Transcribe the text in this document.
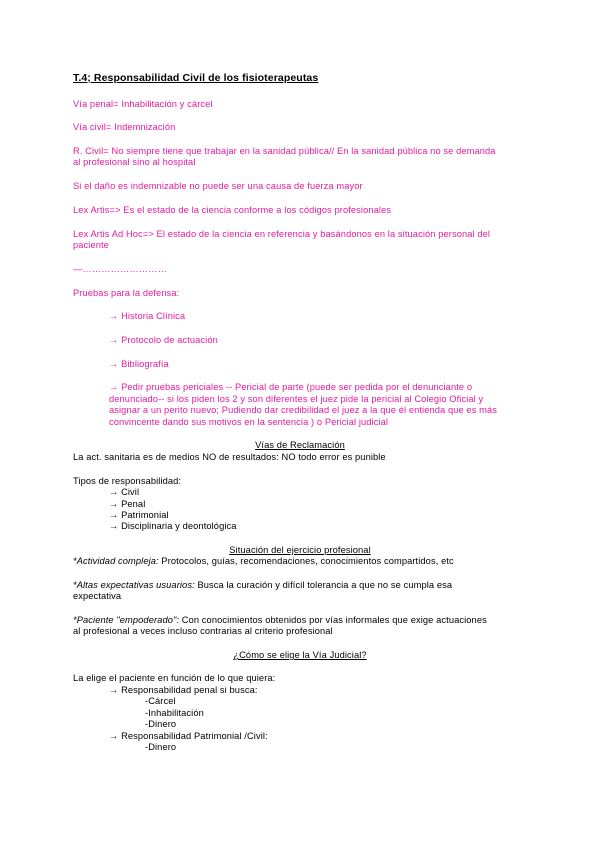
T.4; Responsabilidad Civil de los fisioterapeutas
Vía penal= Inhabilitación y cárcel
Vía civil= Indemnización
R. Civil= No siempre tiene que trabajar en la sanidad pública// En la sanidad pública no se demanda
al profesional sino al hospital
Si el daño es indemnizable no puede ser una causa de fuerza mayor
Lex Artis=> Es el estado de la ciencia conforme a los códigos profesionales
Lex Artis Ad Hoc=> El estado de la ciencia en referencia y basándonos en la situación personal del
paciente
—………………………
Pruebas para la defensa:
→ Historia Clínica
→ Protocolo de actuación
→ Bibliografía
→ Pedir pruebas periciales -- Pericial de parte (puede ser pedida por el denunciante o
denunciado-- si los piden los 2 y son diferentes el juez pide la pericial al Colegio Oficial y
asignar a un perito nuevo; Pudiendo dar credibilidad el juez a la que él entienda que es más
convincente dando sus motivos en la sentencia ) o Pericial judicial
Vías de Reclamación
La act. sanitaria es de medios NO de resultados: NO todo error es punible
Tipos de responsabilidad:
→ Civil
→ Penal
→ Patrimonial
→ Disciplinaria y deontológica
Situación del ejercicio profesional
*Actividad compleja: Protocolos, guías, recomendaciones, conocimientos compartidos, etc
*Altas expectativas usuarios: Busca la curación y difícil tolerancia a que no se cumpla esa
expectativa
*Paciente "empoderado": Con conocimientos obtenidos por vías informales que exige actuaciones
al profesional a veces incluso contrarias al criterio profesional
¿Cómo se elige la Vía Judicial?
La elige el paciente en función de lo que quiera:
→ Responsabilidad penal si busca:
-Cárcel
-Inhabilitación
-Dinero
→ Responsabilidad Patrimonial /Civil:
-Dinero
